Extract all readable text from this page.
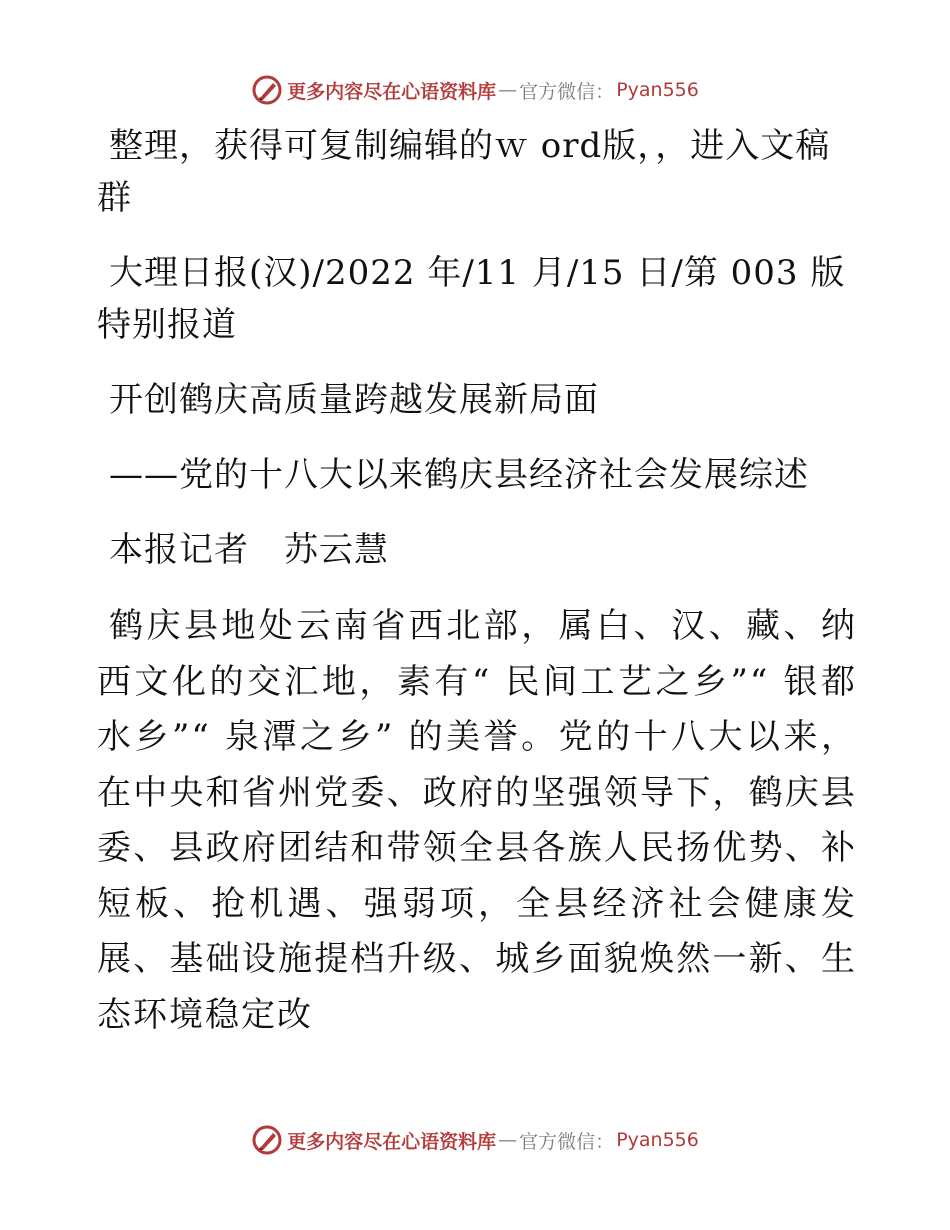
更多内容尽在心语资料库 — 官方微信： Pyan556

整理，获得可复制编辑的ｗ ord版，，进入文稿群

大理日报(汉)/2022 年/11 月/15 日/第 003 版特别报道

开创鹤庆高质量跨越发展新局面

——党的十八大以来鹤庆县经济社会发展综述

本报记者　苏云慧

鹤庆县地处云南省西北部，属白、汉、藏、纳西文化的交汇地，素有“ 民间工艺之乡”“ 银都水乡”“ 泉潭之乡” 的美誉。党的十八大以来，在中央和省州党委、政府的坚强领导下，鹤庆县委、县政府团结和带领全县各族人民扬优势、补短板、抢机遇、强弱项，全县经济社会健康发展、基础设施提档升级、城乡面貌焕然一新、生态环境稳定改

更多内容尽在心语资料库 — 官方微信： Pyan556
